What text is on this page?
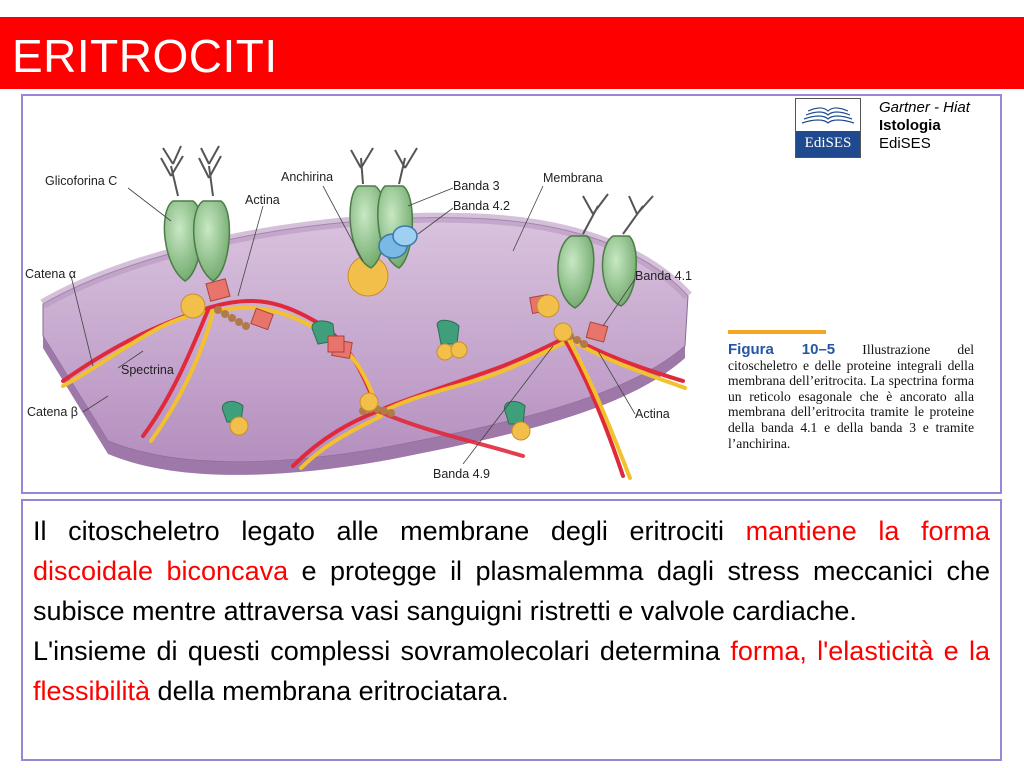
ERITROCITI
Glicoforina C	Anchirina
Actina
Banda 3
Banda 4.2
Membrana
Catena α	Banda 4.1
Spectrina
Catena β	Actina
Banda 4.9
EdiSES
Gartner - Hiat
Istologia
EdiSES

Figura 10–5 Illustrazione del citoscheletro e delle proteine integrali della membrana dell’eritrocita. La spectrina forma un reticolo esagonale che è ancorato alla membrana dell’eritrocita tramite le proteine della banda 4.1 e della banda 3 e tramite l’anchirina.

Il citoscheletro legato alle membrane degli eritrociti mantiene la forma discoidale biconcava e protegge il plasmalemma dagli stress meccanici che subisce mentre attraversa vasi sanguigni ristretti e valvole cardiache.

L'insieme di questi complessi sovramolecolari determina forma, l'elasticità e la flessibilità della membrana eritrociatara.
